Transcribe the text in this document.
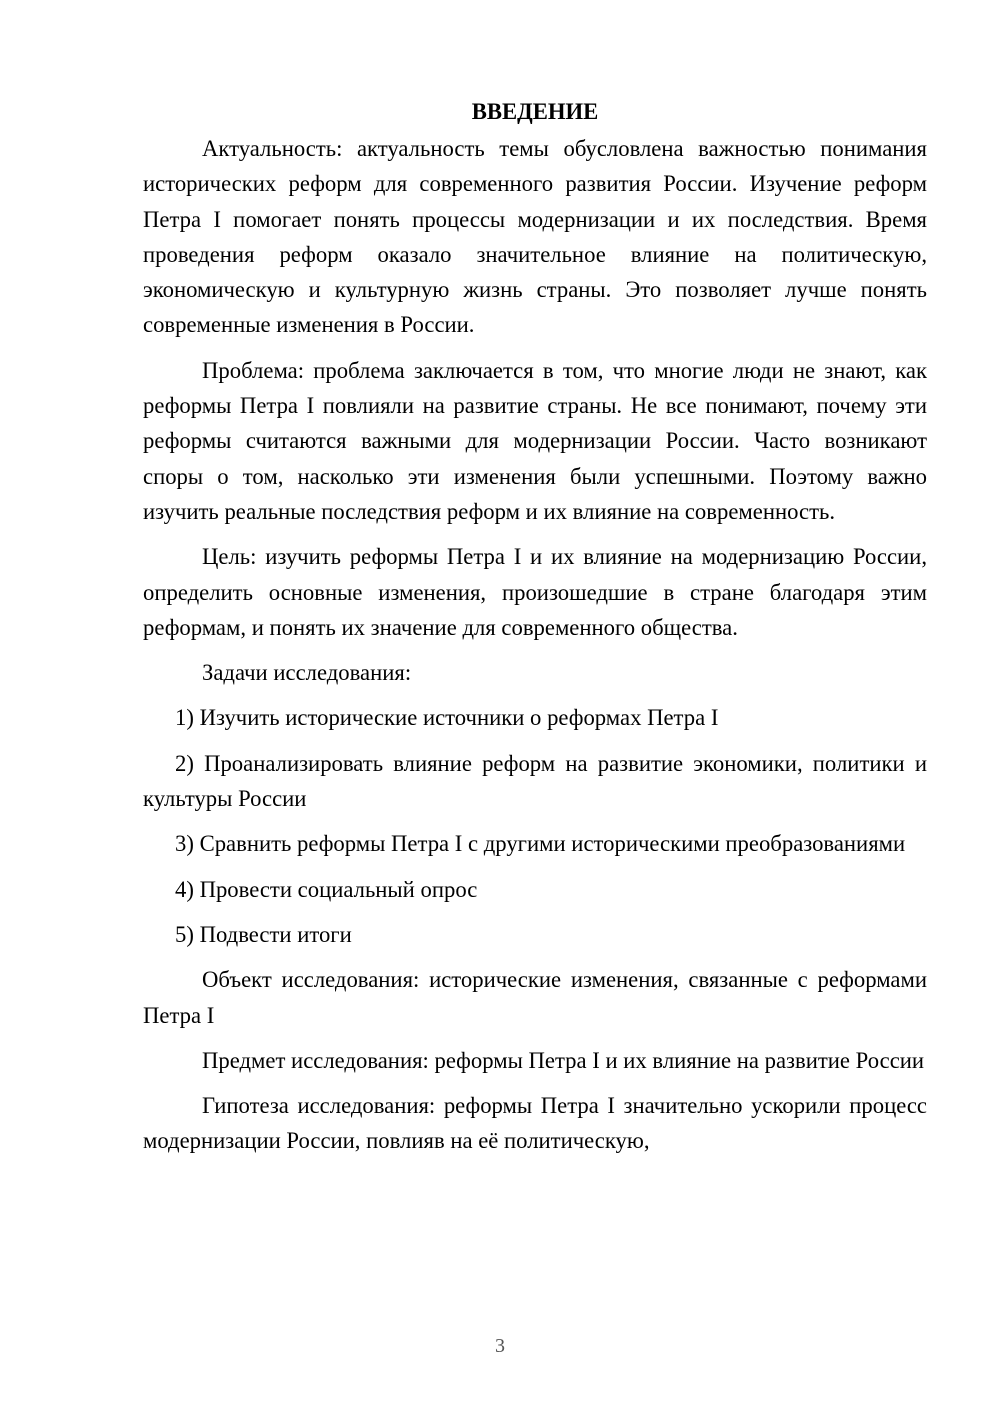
ВВЕДЕНИЕ

Актуальность: актуальность темы обусловлена важностью понимания исторических реформ для современного развития России. Изучение реформ Петра I помогает понять процессы модернизации и их последствия. Время проведения реформ оказало значительное влияние на политическую, экономическую и культурную жизнь страны. Это позволяет лучше понять современные изменения в России.

Проблема: проблема заключается в том, что многие люди не знают, как реформы Петра I повлияли на развитие страны. Не все понимают, почему эти реформы считаются важными для модернизации России. Часто возникают споры о том, насколько эти изменения были успешными. Поэтому важно изучить реальные последствия реформ и их влияние на современность.

Цель: изучить реформы Петра I и их влияние на модернизацию России, определить основные изменения, произошедшие в стране благодаря этим реформам, и понять их значение для современного общества.

Задачи исследования:

1) Изучить исторические источники о реформах Петра I

2) Проанализировать влияние реформ на развитие экономики, политики и культуры России

3) Сравнить реформы Петра I с другими историческими преобразованиями

4) Провести социальный опрос

5) Подвести итоги

Объект исследования: исторические изменения, связанные с реформами Петра I

Предмет исследования: реформы Петра I и их влияние на развитие России

Гипотеза исследования: реформы Петра I значительно ускорили процесс модернизации России, повлияв на её политическую,

3
